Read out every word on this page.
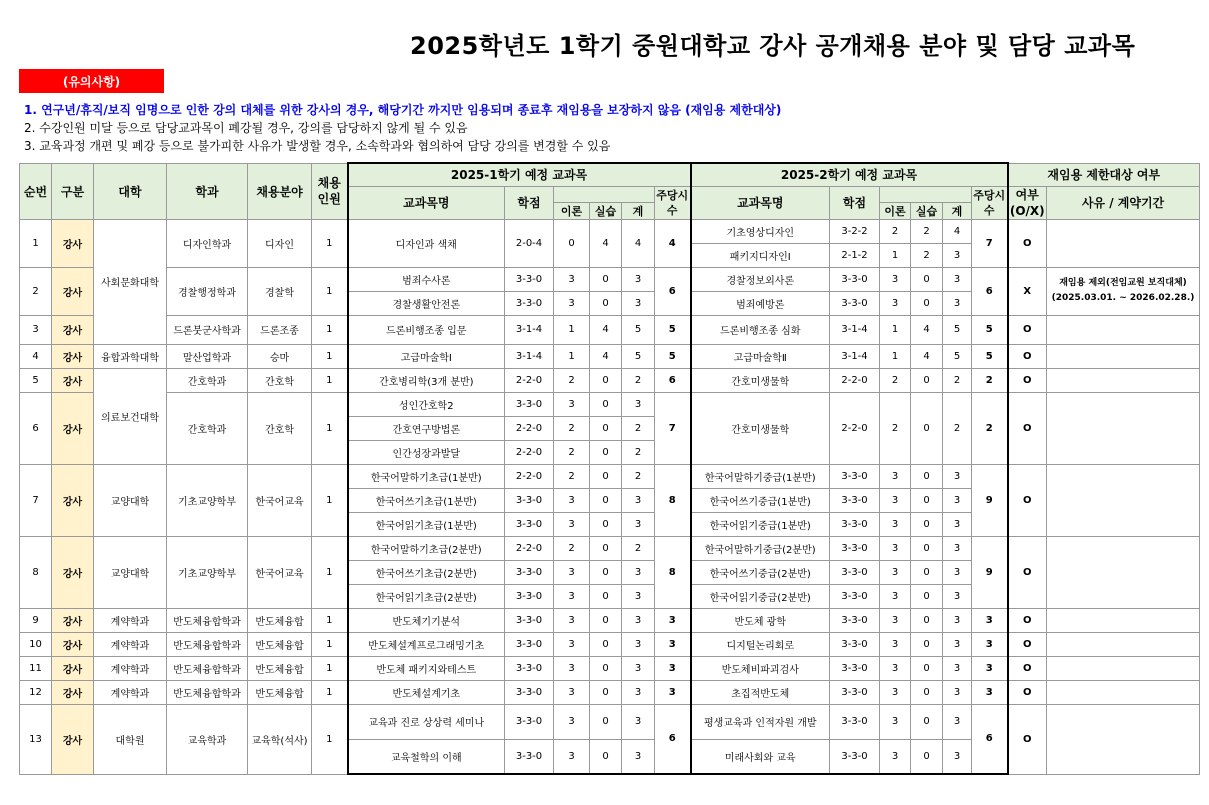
2025학년도 1학기 중원대학교 강사 공개채용 분야 및 담당 교과목
(유의사항)
1. 연구년/휴직/보직 임명으로 인한 강의 대체를 위한 강사의 경우, 해당기간 까지만 임용되며 종료후 재임용을 보장하지 않음 (재임용 제한대상)
2. 수강인원 미달 등으로 담당교과목이 폐강될 경우, 강의를 담당하지 않게 될 수 있음
3. 교육과정 개편 및 폐강 등으로 불가피한 사유가 발생할 경우, 소속학과와 협의하여 담당 강의를 변경할 수 있음
순번	구분	대학	학과	채용분야	채용인원	2025-1학기 예정 교과목						2025-2학기 예정 교과목						재임용 제한대상 여부	
						교과목명	학점				주당시수	교과목명	학점				주당시수	여부(O/X)	사유 / 계약기간
								이론	실습	계				이론	실습	계			
1	강사	사회문화대학	디자인학과	디자인	1	디자인과 색채	2-0-4	0	4	4	4	기초영상디자인	3-2-2	2	2	4	7	O	
												패키지디자인I	2-1-2	1	2	3			
2	강사		경찰행정학과	경찰학	1	범죄수사론	3-3-0	3	0	3	6	경찰정보외사론	3-3-0	3	0	3	6	X	재임용 제외(전임교원 보직대체)
(2025.03.01. ~ 2026.02.28.)

						경찰생활안전론	3-3-0	3	0	3		범죄예방론	3-3-0	3	0	3			
3	강사		드론붓군사학과	드론조종	1	드론비행조종 입문	3-1-4	1	4	5	5	드론비행조종 심화	3-1-4	1	4	5	5	O	
4	강사	융합과학대학	말산업학과	승마	1	고급마술학Ⅰ	3-1-4	1	4	5	5	고급마술학Ⅱ	3-1-4	1	4	5	5	O	
5	강사	의료보건대학	간호학과	간호학	1	간호병리학(3개 분반)	2-2-0	2	0	2	6	간호미생물학	2-2-0	2	0	2	2	O	
6	강사		간호학과	간호학	1	성인간호학2	3-3-0	3	0	3	7	간호미생물학	2-2-0	2	0	2	2	O	
						간호연구방법론	2-2-0	2	0	2									
						인간성장과발달	2-2-0	2	0	2									
7	강사	교양대학	기초교양학부	한국어교육	1	한국어말하기초급(1분반)	2-2-0	2	0	2	8	한국어말하기중급(1분반)	3-3-0	3	0	3	9	O	
						한국어쓰기초급(1분반)	3-3-0	3	0	3		한국어쓰기중급(1분반)	3-3-0	3	0	3			
						한국어읽기초급(1분반)	3-3-0	3	0	3		한국어읽기중급(1분반)	3-3-0	3	0	3			
8	강사	교양대학	기초교양학부	한국어교육	1	한국어말하기초급(2분반)	2-2-0	2	0	2	8	한국어말하기중급(2분반)	3-3-0	3	0	3	9	O	
						한국어쓰기초급(2분반)	3-3-0	3	0	3		한국어쓰기중급(2분반)	3-3-0	3	0	3			
						한국어읽기초급(2분반)	3-3-0	3	0	3		한국어읽기중급(2분반)	3-3-0	3	0	3			
9	강사	계약학과	반도체융합학과	반도체융합	1	반도체기기분석	3-3-0	3	0	3	3	반도체 광학	3-3-0	3	0	3	3	O	
10	강사	계약학과	반도체융합학과	반도체융합	1	반도체설계프로그래밍기초	3-3-0	3	0	3	3	디지털논리회로	3-3-0	3	0	3	3	O	
11	강사	계약학과	반도체융합학과	반도체융합	1	반도체 패키지와테스트	3-3-0	3	0	3	3	반도체비파괴검사	3-3-0	3	0	3	3	O	
12	강사	계약학과	반도체융합학과	반도체융합	1	반도체설계기초	3-3-0	3	0	3	3	초집적반도체	3-3-0	3	0	3	3	O	
13	강사	대학원	교육학과	교육학(석사)	1	교육과 진로 상상력 세미나	3-3-0	3	0	3	6	평생교육과 인적자원 개발	3-3-0	3	0	3	6	O	
						교육철학의 이해	3-3-0	3	0	3		미래사회와 교육	3-3-0	3	0	3			
